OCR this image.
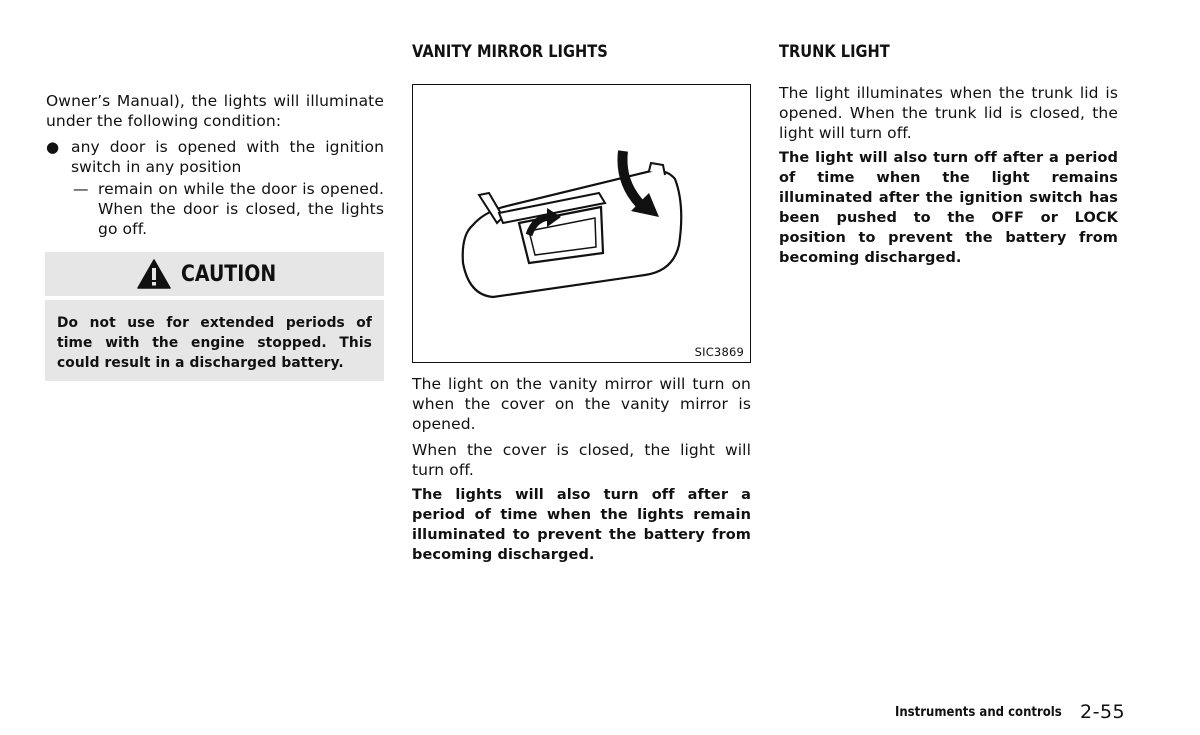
Owner’s Manual), the lights will illuminate under the following condition:

● any door is opened with the ignition switch in any position

— remain on while the door is opened. When the door is closed, the lights go off.

CAUTION

Do not use for extended periods of time with the engine stopped. This could result in a discharged battery.

VANITY MIRROR LIGHTS

The light on the vanity mirror will turn on when the cover on the vanity mirror is opened.

When the cover is closed, the light will turn off.

The lights will also turn off after a period of time when the lights remain illuminated to prevent the battery from becoming discharged.

SIC3869
TRUNK LIGHT

The light illuminates when the trunk lid is opened. When the trunk lid is closed, the light will turn off.

The light will also turn off after a period of time when the light remains illuminated after the ignition switch has been pushed to the OFF or LOCK position to prevent the battery from becoming discharged.

Instruments and controls 2-55
